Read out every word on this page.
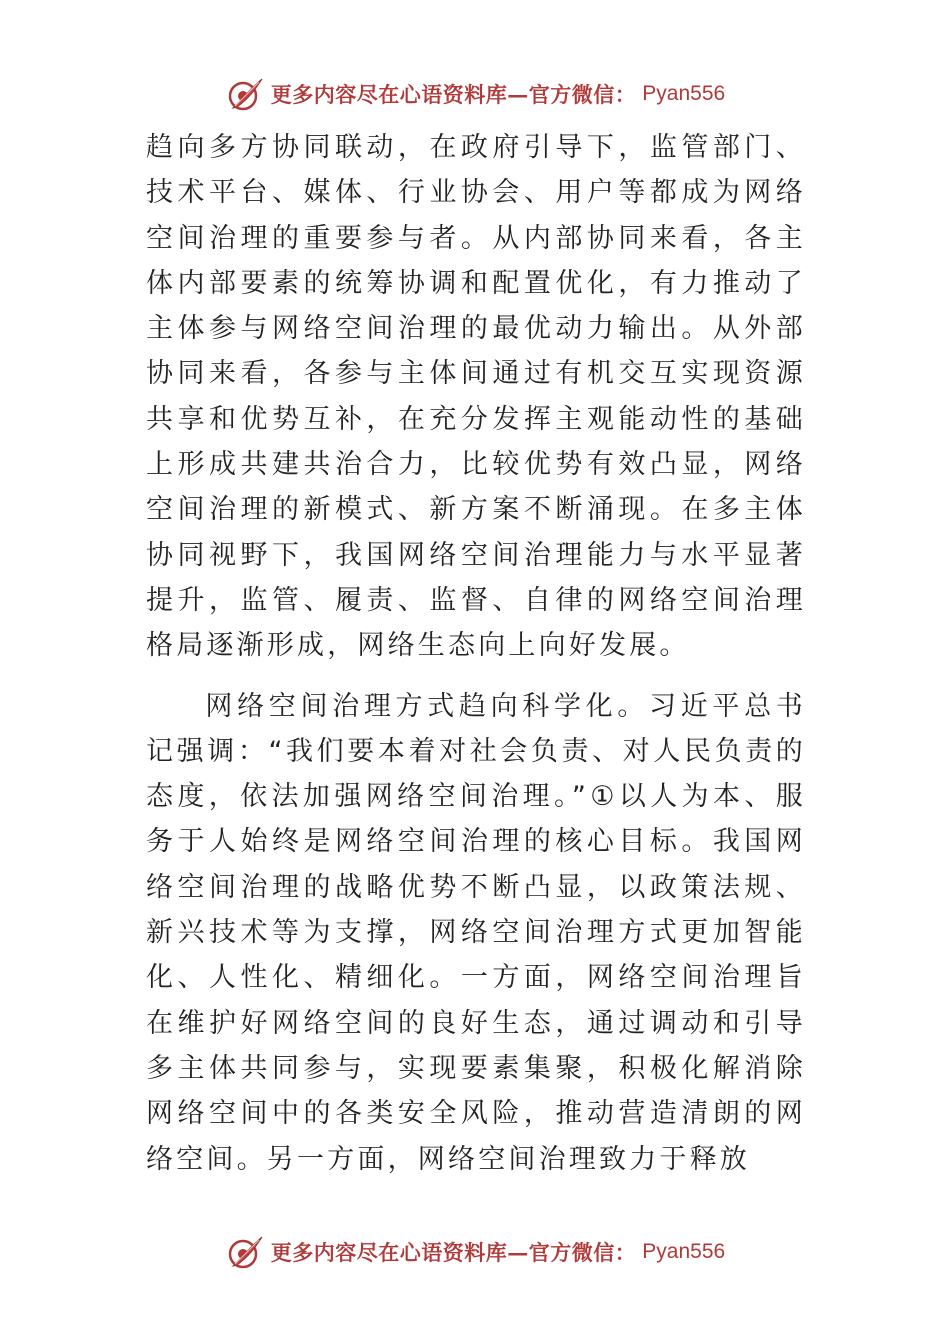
更多内容尽在心语资料库—官方微信： Pyan556

趋向多方协同联动，在政府引导下，监管部门、技术平台、媒体、行业协会、用户等都成为网络空间治理的重要参与者。从内部协同来看，各主体内部要素的统筹协调和配置优化，有力推动了主体参与网络空间治理的最优动力输出。从外部协同来看，各参与主体间通过有机交互实现资源共享和优势互补，在充分发挥主观能动性的基础上形成共建共治合力，比较优势有效凸显，网络空间治理的新模式、新方案不断涌现。在多主体协同视野下，我国网络空间治理能力与水平显著提升，监管、履责、监督、自律的网络空间治理格局逐渐形成，网络生态向上向好发展。

网络空间治理方式趋向科学化。习近平总书记强调：“我们要本着对社会负责、对人民负责的态度，依法加强网络空间治理。”①以人为本、服务于人始终是网络空间治理的核心目标。我国网络空间治理的战略优势不断凸显，以政策法规、新兴技术等为支撑，网络空间治理方式更加智能化、人性化、精细化。一方面，网络空间治理旨在维护好网络空间的良好生态，通过调动和引导多主体共同参与，实现要素集聚，积极化解消除网络空间中的各类安全风险，推动营造清朗的网络空间。另一方面，网络空间治理致力于释放

更多内容尽在心语资料库—官方微信： Pyan556
